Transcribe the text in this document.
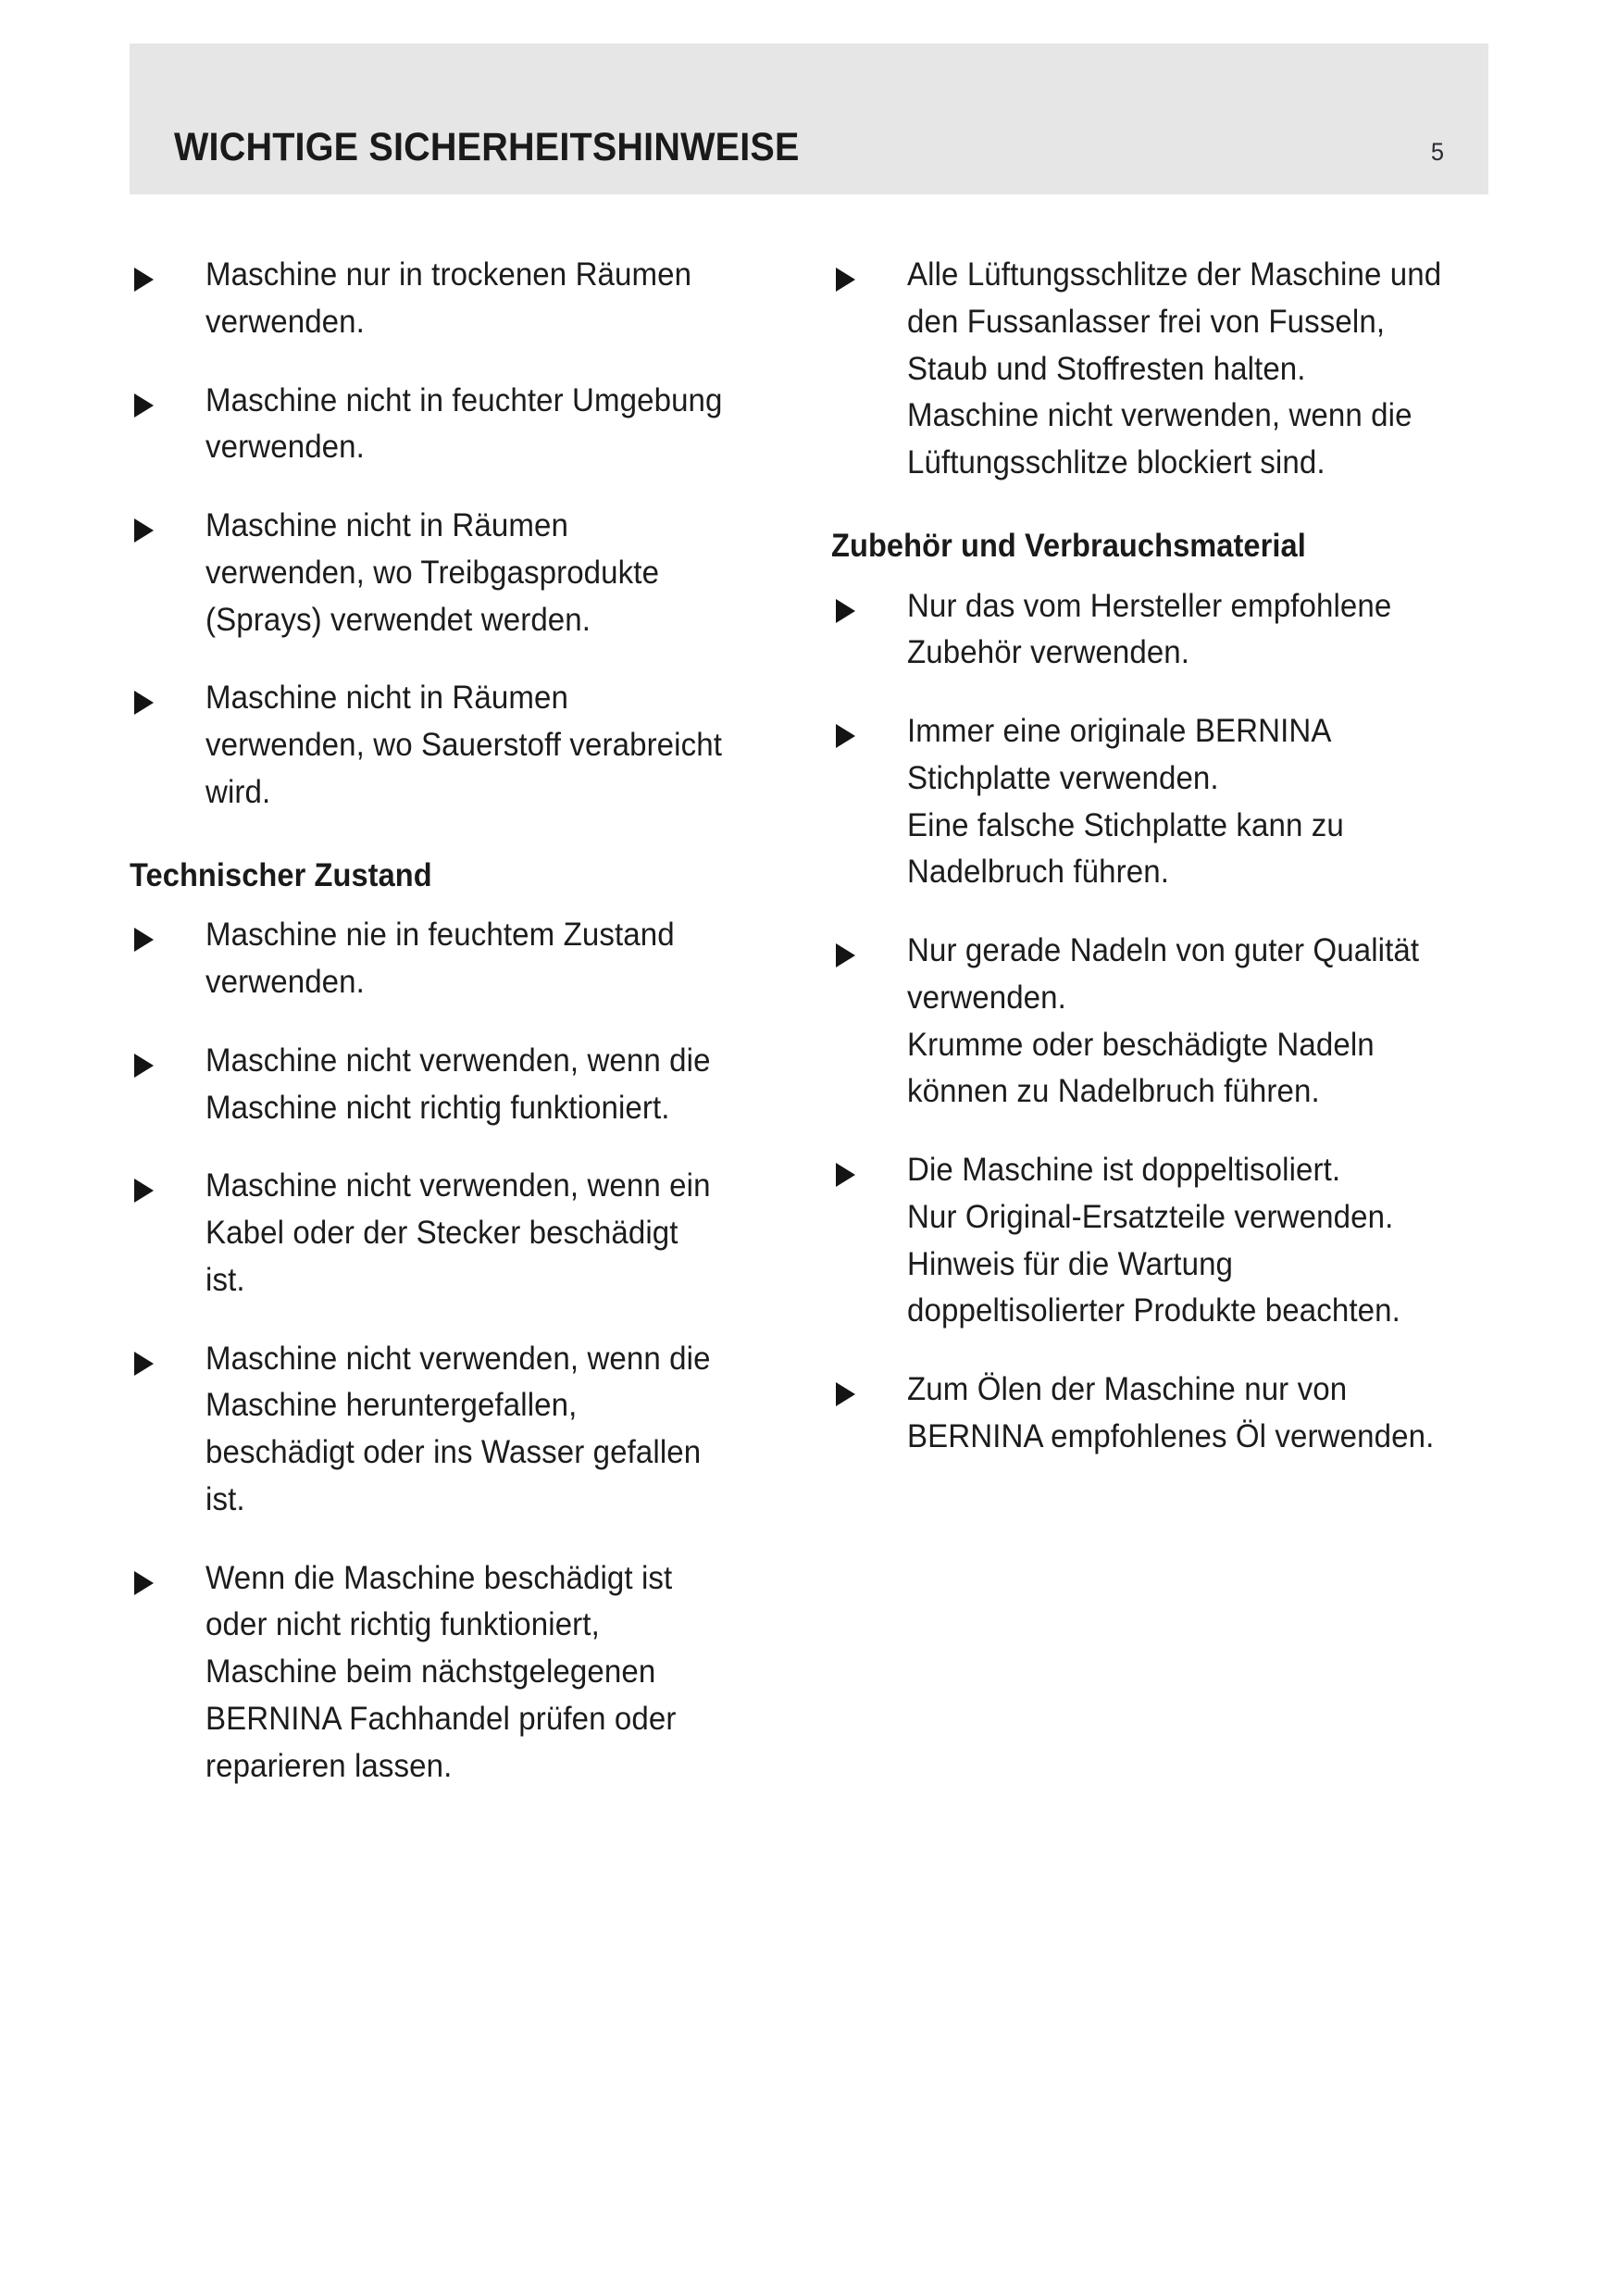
WICHTIGE SICHERHEITSHINWEISE	5

Maschine nur in trockenen Räumen verwenden.

Maschine nicht in feuchter Umgebung verwenden.

Maschine nicht in Räumen verwenden, wo Treibgasprodukte (Sprays) verwendet werden.

Maschine nicht in Räumen verwenden, wo Sauerstoff verabreicht wird.

Technischer Zustand

Maschine nie in feuchtem Zustand verwenden.

Maschine nicht verwenden, wenn die Maschine nicht richtig funktioniert.

Maschine nicht verwenden, wenn ein Kabel oder der Stecker beschädigt ist.

Maschine nicht verwenden, wenn die Maschine heruntergefallen, beschädigt oder ins Wasser gefallen ist.

Wenn die Maschine beschädigt ist oder nicht richtig funktioniert, Maschine beim nächstgelegenen BERNINA Fachhandel prüfen oder reparieren lassen.

Alle Lüftungsschlitze der Maschine und den Fussanlasser frei von Fusseln, Staub und Stoffresten halten.

Maschine nicht verwenden, wenn die Lüftungsschlitze blockiert sind.

Zubehör und Verbrauchsmaterial

Nur das vom Hersteller empfohlene Zubehör verwenden.

Immer eine originale BERNINA Stichplatte verwenden.

Eine falsche Stichplatte kann zu Nadelbruch führen.

Nur gerade Nadeln von guter Qualität verwenden.

Krumme oder beschädigte Nadeln können zu Nadelbruch führen.

Die Maschine ist doppeltisoliert.

Nur Original-Ersatzteile verwenden. Hinweis für die Wartung doppeltisolierter Produkte beachten.

Zum Ölen der Maschine nur von BERNINA empfohlenes Öl verwenden.
